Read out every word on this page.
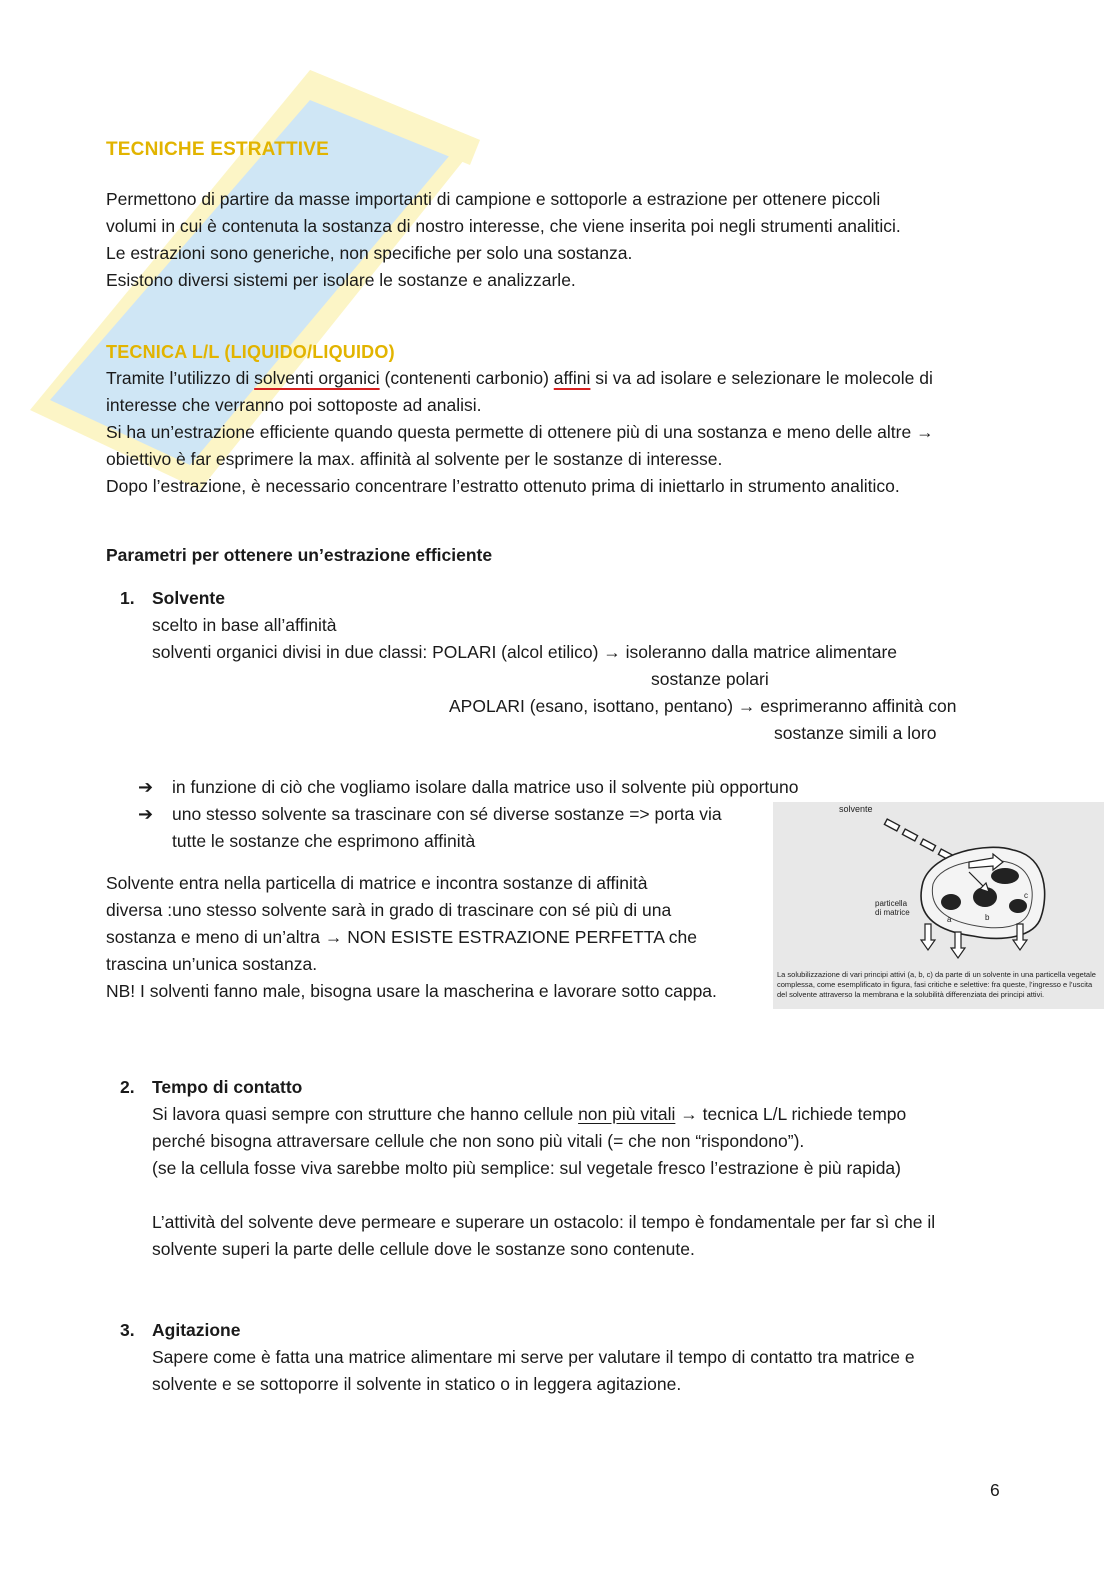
TECNICHE ESTRATTIVE

Permettono di partire da masse importanti di campione e sottoporle a estrazione per ottenere piccoli

volumi in cui è contenuta la sostanza di nostro interesse, che viene inserita poi negli strumenti analitici.

Le estrazioni sono generiche, non specifiche per solo una sostanza.

Esistono diversi sistemi per isolare le sostanze e analizzarle.

TECNICA L/L (LIQUIDO/LIQUIDO)

Tramite l’utilizzo di solventi organici (contenenti carbonio) affini si va ad isolare e selezionare le molecole di

interesse che verranno poi sottoposte ad analisi.

Si ha un’estrazione efficiente quando questa permette di ottenere più di una sostanza e meno delle altre →

obiettivo è far esprimere la max. affinità al solvente per le sostanze di interesse.

Dopo l’estrazione, è necessario concentrare l’estratto ottenuto prima di iniettarlo in strumento analitico.

Parametri per ottenere un’estrazione efficiente
1. Solvente
scelto in base all’affinità
solventi organici divisi in due classi: POLARI (alcol etilico) → isoleranno dalla matrice alimentare
sostanze polari
APOLARI (esano, isottano, pentano) → esprimeranno affinità con
sostanze simili a loro
➔ in funzione di ciò che vogliamo isolare dalla matrice uso il solvente più opportuno
➔ uno stesso solvente sa trascinare con sé diverse sostanze => porta via
tutte le sostanze che esprimono affinità
Solvente entra nella particella di matrice e incontra sostanze di affinità
diversa :uno stesso solvente sarà in grado di trascinare con sé più di una
sostanza e meno di un’altra → NON ESISTE ESTRAZIONE PERFETTA che
trascina un’unica sostanza.
NB! I solventi fanno male, bisogna usare la mascherina e lavorare sotto cappa.
solvente
a	b
c
particella
di matrice
La solubilizzazione di vari principi attivi (a, b, c) da parte di un solvente in una particella vegetale complessa, come esemplificato in figura, fasi critiche e selettive: fra queste, l’ingresso e l’uscita del solvente attraverso la membrana e la solubilità differenziata dei principi attivi.
2. Tempo di contatto
Si lavora quasi sempre con strutture che hanno cellule non più vitali → tecnica L/L richiede tempo
perché bisogna attraversare cellule che non sono più vitali (= che non “rispondono”).
(se la cellula fosse viva sarebbe molto più semplice: sul vegetale fresco l’estrazione è più rapida)
L’attività del solvente deve permeare e superare un ostacolo: il tempo è fondamentale per far sì che il
solvente superi la parte delle cellule dove le sostanze sono contenute.
3. Agitazione
Sapere come è fatta una matrice alimentare mi serve per valutare il tempo di contatto tra matrice e
solvente e se sottoporre il solvente in statico o in leggera agitazione.
6
